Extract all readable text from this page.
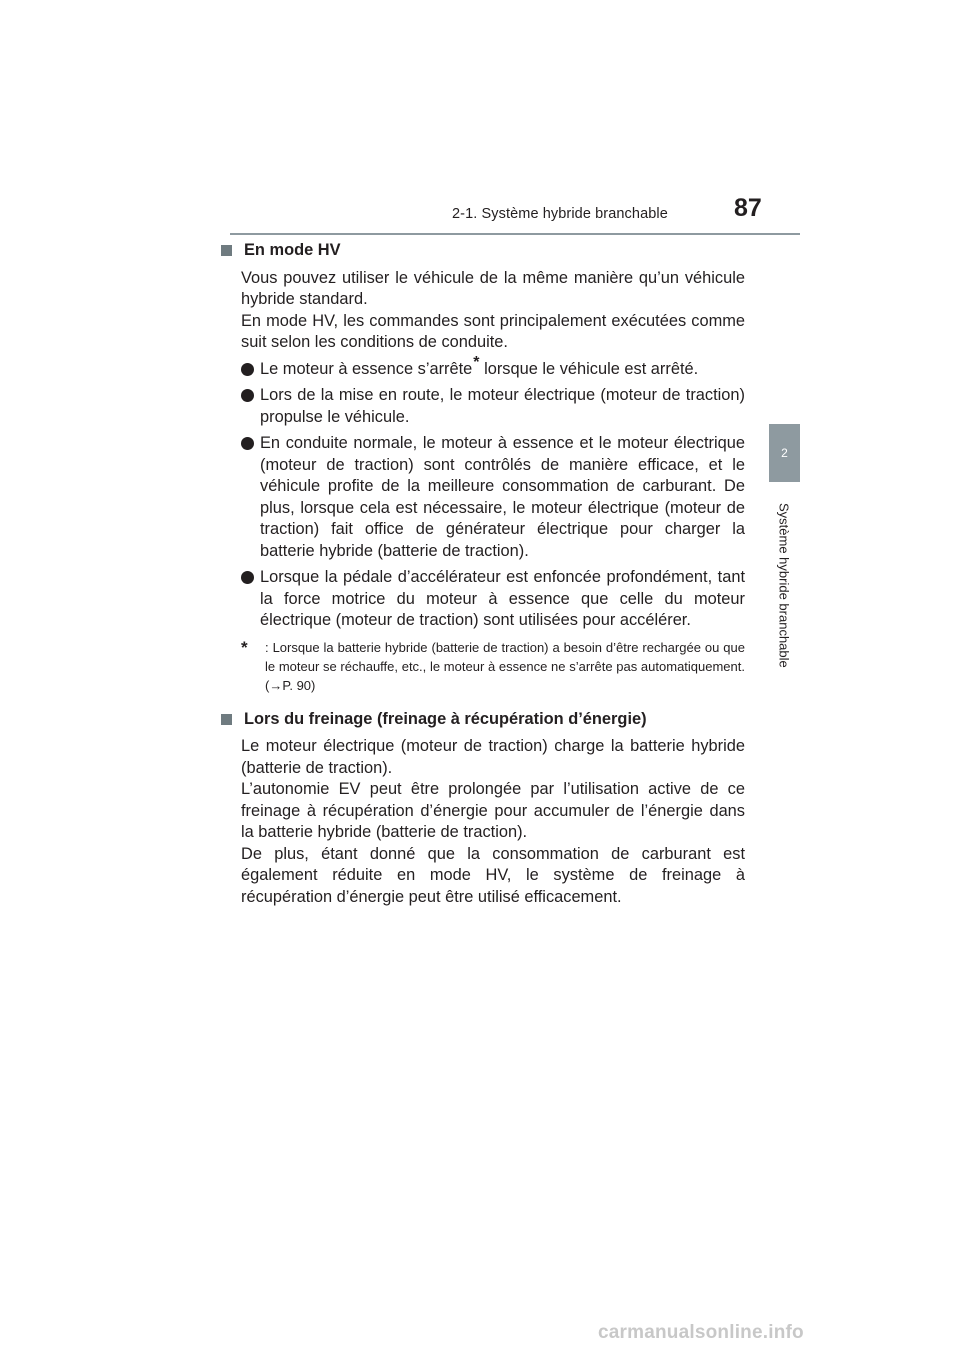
2-1. Système hybride branchable	87
2
Système hybride branchable
En mode HV

Vous pouvez utiliser le véhicule de la même manière qu’un véhicule hybride standard.

En mode HV, les commandes sont principalement exécutées comme suit selon les conditions de conduite.

Le moteur à essence s’arrête* lorsque le véhicule est arrêté.
Lors de la mise en route, le moteur électrique (moteur de traction) propulse le véhicule.
En conduite normale, le moteur à essence et le moteur électrique (moteur de traction) sont contrôlés de manière efficace, et le véhicule profite de la meilleure consommation de carburant. De plus, lorsque cela est nécessaire, le moteur électrique (moteur de traction) fait office de générateur électrique pour charger la batterie hybride (batterie de traction).
Lorsque la pédale d’accélérateur est enfoncée profondément, tant la force motrice du moteur à essence que celle du moteur électrique (moteur de traction) sont utilisées pour accélérer.
* : Lorsque la batterie hybride (batterie de traction) a besoin d’être rechargée ou que le moteur se réchauffe, etc., le moteur à essence ne s’arrête pas automatiquement. (→P. 90)
Lors du freinage (freinage à récupération d’énergie)

Le moteur électrique (moteur de traction) charge la batterie hybride (batterie de traction).

L’autonomie EV peut être prolongée par l’utilisation active de ce freinage à récupération d’énergie pour accumuler de l’énergie dans la batterie hybride (batterie de traction).

De plus, étant donné que la consommation de carburant est également réduite en mode HV, le système de freinage à récupération d’énergie peut être utilisé efficacement.

carmanualsonline.info
